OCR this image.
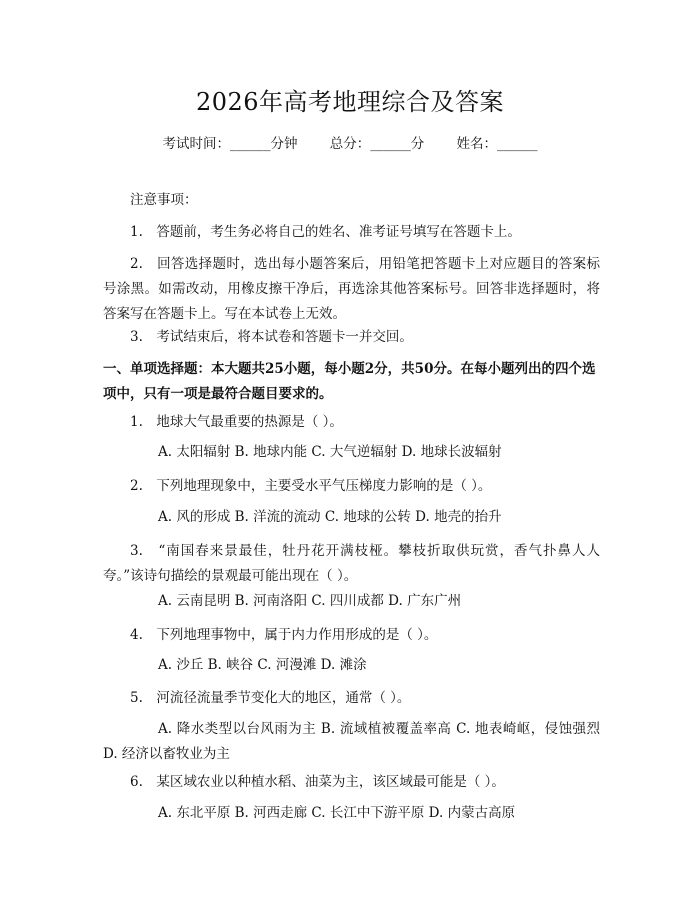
2026年高考地理综合及答案
考试时间：______分钟 总分：______分 姓名：______
注意事项：
1.　答题前，考生务必将自己的姓名、准考证号填写在答题卡上。
2.　回答选择题时，选出每小题答案后，用铅笔把答题卡上对应题目的答案标号涂黑。如需改动，用橡皮擦干净后，再选涂其他答案标号。回答非选择题时，将答案写在答题卡上。写在本试卷上无效。
3.　考试结束后，将本试卷和答题卡一并交回。
一、单项选择题：本大题共25小题，每小题2分，共50分。在每小题列出的四个选项中，只有一项是最符合题目要求的。
1.　地球大气最重要的热源是（ ）。
A. 太阳辐射 B. 地球内能 C. 大气逆辐射 D. 地球长波辐射
2.　下列地理现象中，主要受水平气压梯度力影响的是（ ）。
A. 风的形成 B. 洋流的流动 C. 地球的公转 D. 地壳的抬升
3.　“南国春来景最佳，牡丹花开满枝桠。攀枝折取供玩赏，香气扑鼻人人夸。”该诗句描绘的景观最可能出现在（ ）。
A. 云南昆明 B. 河南洛阳 C. 四川成都 D. 广东广州
4.　下列地理事物中，属于内力作用形成的是（ ）。
A. 沙丘 B. 峡谷 C. 河漫滩 D. 滩涂
5.　河流径流量季节变化大的地区，通常（ ）。
A. 降水类型以台风雨为主 B. 流域植被覆盖率高 C. 地表崎岖，侵蚀强烈 D. 经济以畜牧业为主
6.　某区域农业以种植水稻、油菜为主，该区域最可能是（ ）。
A. 东北平原 B. 河西走廊 C. 长江中下游平原 D. 内蒙古高原
